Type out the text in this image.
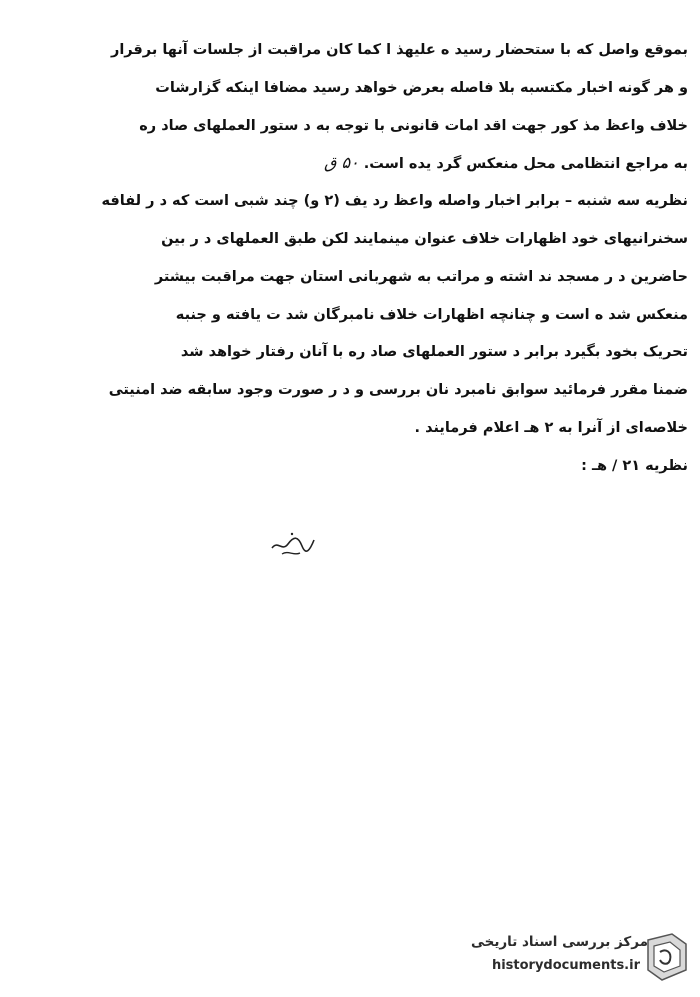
بموقع واصل که با ستحضار رسید ه علیهذ ا کما کان مراقبت از جلسات آنها برقرار
و هر گونه اخبار مکتسبه بلا فاصله بعرض خواهد رسید مضافا اینکه گزارشات
خلاف واعظ مذ کور جهت اقد امات قانونی با توجه به د ستور العملهای صاد ره
به مراجع انتظامی محل منعکس گرد یده است. ۵۰ ق
نظریه سه شنبه – برابر اخبار واصله واعظ رد یف (۲ و) چند شبی است که د ر لفافه
سخنرانیهای خود اظهارات خلاف عنوان مینمایند لکن طبق العملهای د ر بین
حاضرین د ر مسجد ند اشته و مراتب به شهربانی استان جهت مراقبت بیشتر
منعکس شد ه است و چنانچه اظهارات خلاف نامبرگان شد ت یافته و جنبه
تحریک بخود بگیرد برابر د ستور العملهای صاد ره با آنان رفتار خواهد شد
ضمنا مقرر فرمائید سوابق نامبرد نان بررسی و د ر صورت وجود سابقه ضد امنیتی
خلاصه‌ای از آنرا به ۲ هـ اعلام فرمایند .
نظریه ۲۱ / هـ :
مرکز بررسی اسناد تاریخی
historydocuments.ir
